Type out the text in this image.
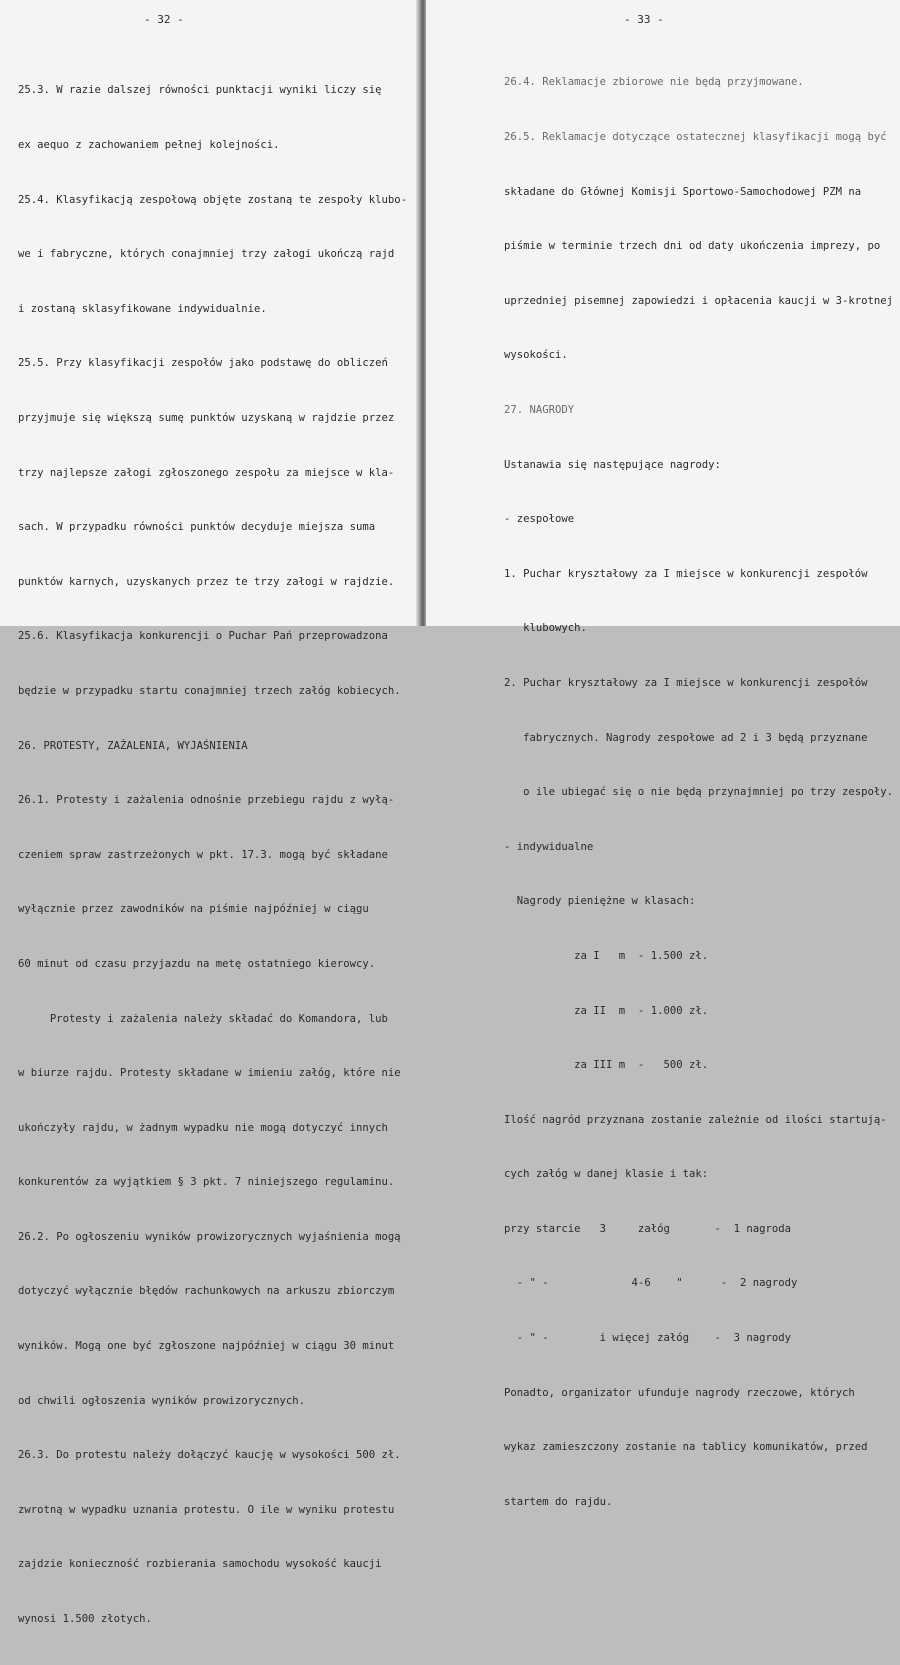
- 32 -

25.3. W razie dalszej równości punktacji wyniki liczy się

ex aequo z zachowaniem pełnej kolejności.

25.4. Klasyfikacją zespołową objęte zostaną te zespoły klubo-

we i fabryczne, których conajmniej trzy załogi ukończą rajd

i zostaną sklasyfikowane indywidualnie.

25.5. Przy klasyfikacji zespołów jako podstawę do obliczeń

przyjmuje się większą sumę punktów uzyskaną w rajdzie przez

trzy najlepsze załogi zgłoszonego zespołu za miejsce w kla-

sach. W przypadku równości punktów decyduje miejsza suma

punktów karnych, uzyskanych przez te trzy załogi w rajdzie.

25.6. Klasyfikacja konkurencji o Puchar Pań przeprowadzona

będzie w przypadku startu conajmniej trzech załóg kobiecych.

26. PROTESTY, ZAŻALENIA, WYJAŚNIENIA

26.1. Protesty i zażalenia odnośnie przebiegu rajdu z wyłą-

czeniem spraw zastrzeżonych w pkt. 17.3. mogą być składane

wyłącznie przez zawodników na piśmie najpóźniej w ciągu

60 minut od czasu przyjazdu na metę ostatniego kierowcy.

Protesty i zażalenia należy składać do Komandora, lub

w biurze rajdu. Protesty składane w imieniu załóg, które nie

ukończyły rajdu, w żadnym wypadku nie mogą dotyczyć innych

konkurentów za wyjątkiem § 3 pkt. 7 niniejszego regulaminu.

26.2. Po ogłoszeniu wyników prowizorycznych wyjaśnienia mogą

dotyczyć wyłącznie błędów rachunkowych na arkuszu zbiorczym

wyników. Mogą one być zgłoszone najpóźniej w ciągu 30 minut

od chwili ogłoszenia wyników prowizorycznych.

26.3. Do protestu należy dołączyć kaucję w wysokości 500 zł.

zwrotną w wypadku uznania protestu. O ile w wyniku protestu

zajdzie konieczność rozbierania samochodu wysokość kaucji

wynosi 1.500 złotych.

- 33 -

26.4. Reklamacje zbiorowe nie będą przyjmowane.

26.5. Reklamacje dotyczące ostatecznej klasyfikacji mogą być

składane do Głównej Komisji Sportowo-Samochodowej PZM na

piśmie w terminie trzech dni od daty ukończenia imprezy, po

uprzedniej pisemnej zapowiedzi i opłacenia kaucji w 3-krotnej

wysokości.

27. NAGRODY

Ustanawia się następujące nagrody:

- zespołowe

1. Puchar kryształowy za I miejsce w konkurencji zespołów

klubowych.

2. Puchar kryształowy za I miejsce w konkurencji zespołów

fabrycznych. Nagrody zespołowe ad 2 i 3 będą przyznane

o ile ubiegać się o nie będą przynajmniej po trzy zespoły.

- indywidualne

Nagrody pieniężne w klasach:

za I   m  - 1.500 zł.

za II  m  - 1.000 zł.

za III m  -   500 zł.

Ilość nagród przyznana zostanie zależnie od ilości startują-

cych załóg w danej klasie i tak:

przy starcie   3     załóg       -  1 nagroda

- " -             4-6    "      -  2 nagrody

- " -        i więcej załóg    -  3 nagrody

Ponadto, organizator ufunduje nagrody rzeczowe, których

wykaz zamieszczony zostanie na tablicy komunikatów, przed

startem do rajdu.
